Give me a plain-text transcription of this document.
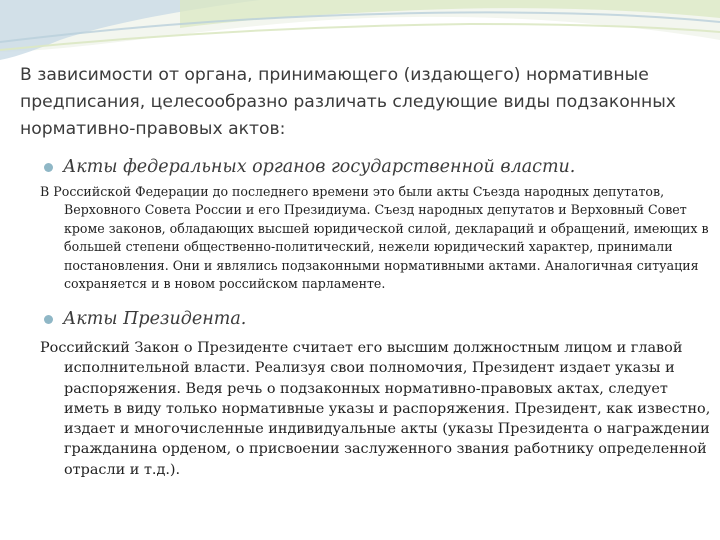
В зависимости от органа, принимающего (издающего) нормативные предписания, целесообразно различать следующие виды подзаконных нормативно-правовых актов:
Акты федеральных органов государственной власти.

В Российской Федерации до последнего времени это были акты Съезда народных депутатов, Верховного Совета России и его Президиума. Съезд народных депутатов и Верховный Совет кроме законов, обладающих высшей юридической силой, деклараций и обращений, имеющих в большей степени общественно-политический, нежели юридический характер, принимали постановления. Они и являлись подзаконными нормативными актами. Аналогичная ситуация сохраняется и в новом российском парламенте.

Акты Президента.

Российский Закон о Президенте считает его высшим должностным лицом и главой исполнительной власти. Реализуя свои полномочия, Президент издает указы и распоряжения. Ведя речь о подзаконных нормативно-правовых актах, следует иметь в виду только нормативные указы и распоряжения. Президент, как известно, издает и многочисленные индивидуальные акты (указы Президента о награждении гражданина орденом, о присвоении заслуженного звания работнику определенной отрасли и т.д.).
